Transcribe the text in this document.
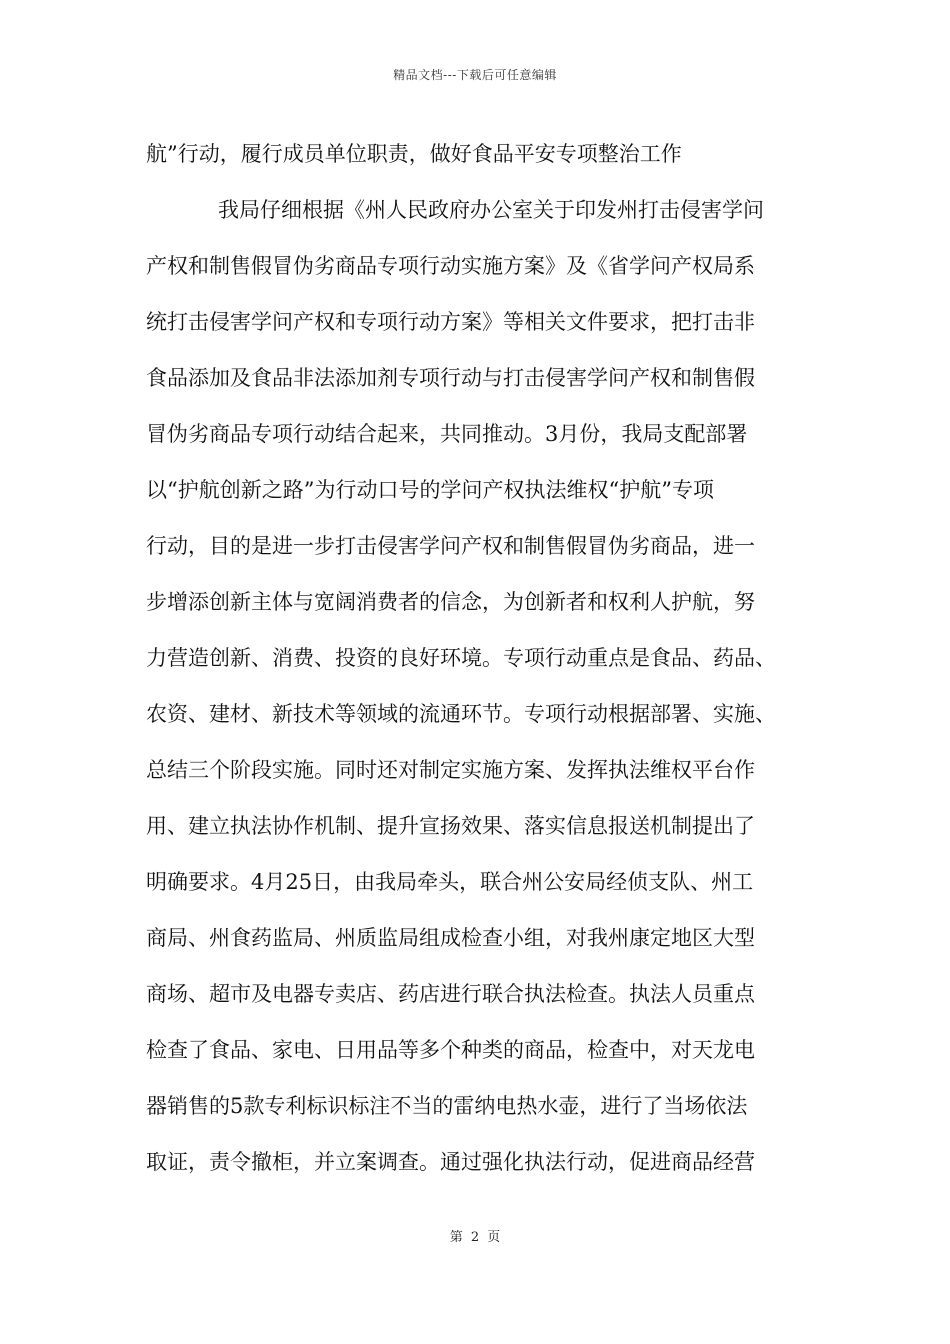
精品文档---下载后可任意编辑
航”行动，履行成员单位职责，做好食品平安专项整治工作
我局仔细根据《州人民政府办公室关于印发州打击侵害学问
产权和制售假冒伪劣商品专项行动实施方案》及《省学问产权局系
统打击侵害学问产权和专项行动方案》等相关文件要求，把打击非
食品添加及食品非法添加剂专项行动与打击侵害学问产权和制售假
冒伪劣商品专项行动结合起来，共同推动。3月份，我局支配部署
以“护航创新之路”为行动口号的学问产权执法维权“护航”专项
行动，目的是进一步打击侵害学问产权和制售假冒伪劣商品，进一
步增添创新主体与宽阔消费者的信念，为创新者和权利人护航，努
力营造创新、消费、投资的良好环境。专项行动重点是食品、药品、
农资、建材、新技术等领域的流通环节。专项行动根据部署、实施、
总结三个阶段实施。同时还对制定实施方案、发挥执法维权平台作
用、建立执法协作机制、提升宣扬效果、落实信息报送机制提出了
明确要求。4月25日，由我局牵头，联合州公安局经侦支队、州工
商局、州食药监局、州质监局组成检查小组，对我州康定地区大型
商场、超市及电器专卖店、药店进行联合执法检查。执法人员重点
检查了食品、家电、日用品等多个种类的商品，检查中，对天龙电
器销售的5款专利标识标注不当的雷纳电热水壶，进行了当场依法
取证，责令撤柜，并立案调查。通过强化执法行动，促进商品经营
第 2 页
